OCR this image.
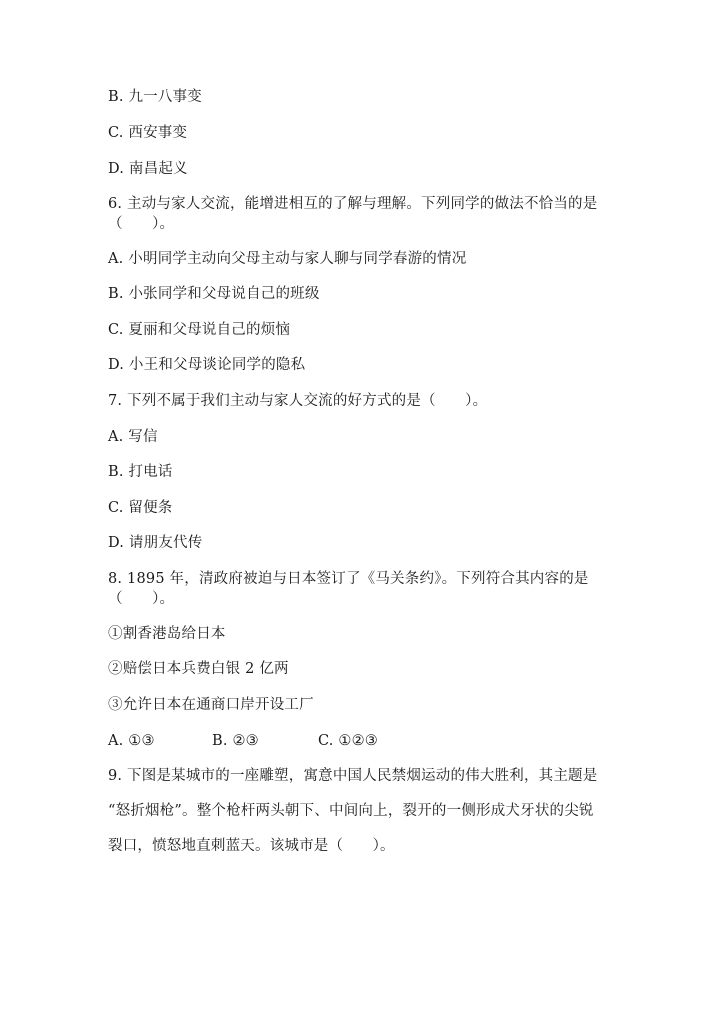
B. 九一八事变
C. 西安事变
D. 南昌起义
6. 主动与家人交流，能增进相互的了解与理解。下列同学的做法不恰当的是
（　　）。
A. 小明同学主动向父母主动与家人聊与同学春游的情况
B. 小张同学和父母说自己的班级
C. 夏丽和父母说自己的烦恼
D. 小王和父母谈论同学的隐私
7. 下列不属于我们主动与家人交流的好方式的是（　　）。
A. 写信
B. 打电话
C. 留便条
D. 请朋友代传
8. 1895 年，清政府被迫与日本签订了《马关条约》。下列符合其内容的是
（　　）。
①割香港岛给日本
②赔偿日本兵费白银 2 亿两
③允许日本在通商口岸开设工厂
A. ①③	B. ②③	C. ①②③
9. 下图是某城市的一座雕塑，寓意中国人民禁烟运动的伟大胜利，其主题是
“怒折烟枪”。整个枪杆两头朝下、中间向上，裂开的一侧形成犬牙状的尖锐
裂口，愤怒地直刺蓝天。该城市是（　　）。
